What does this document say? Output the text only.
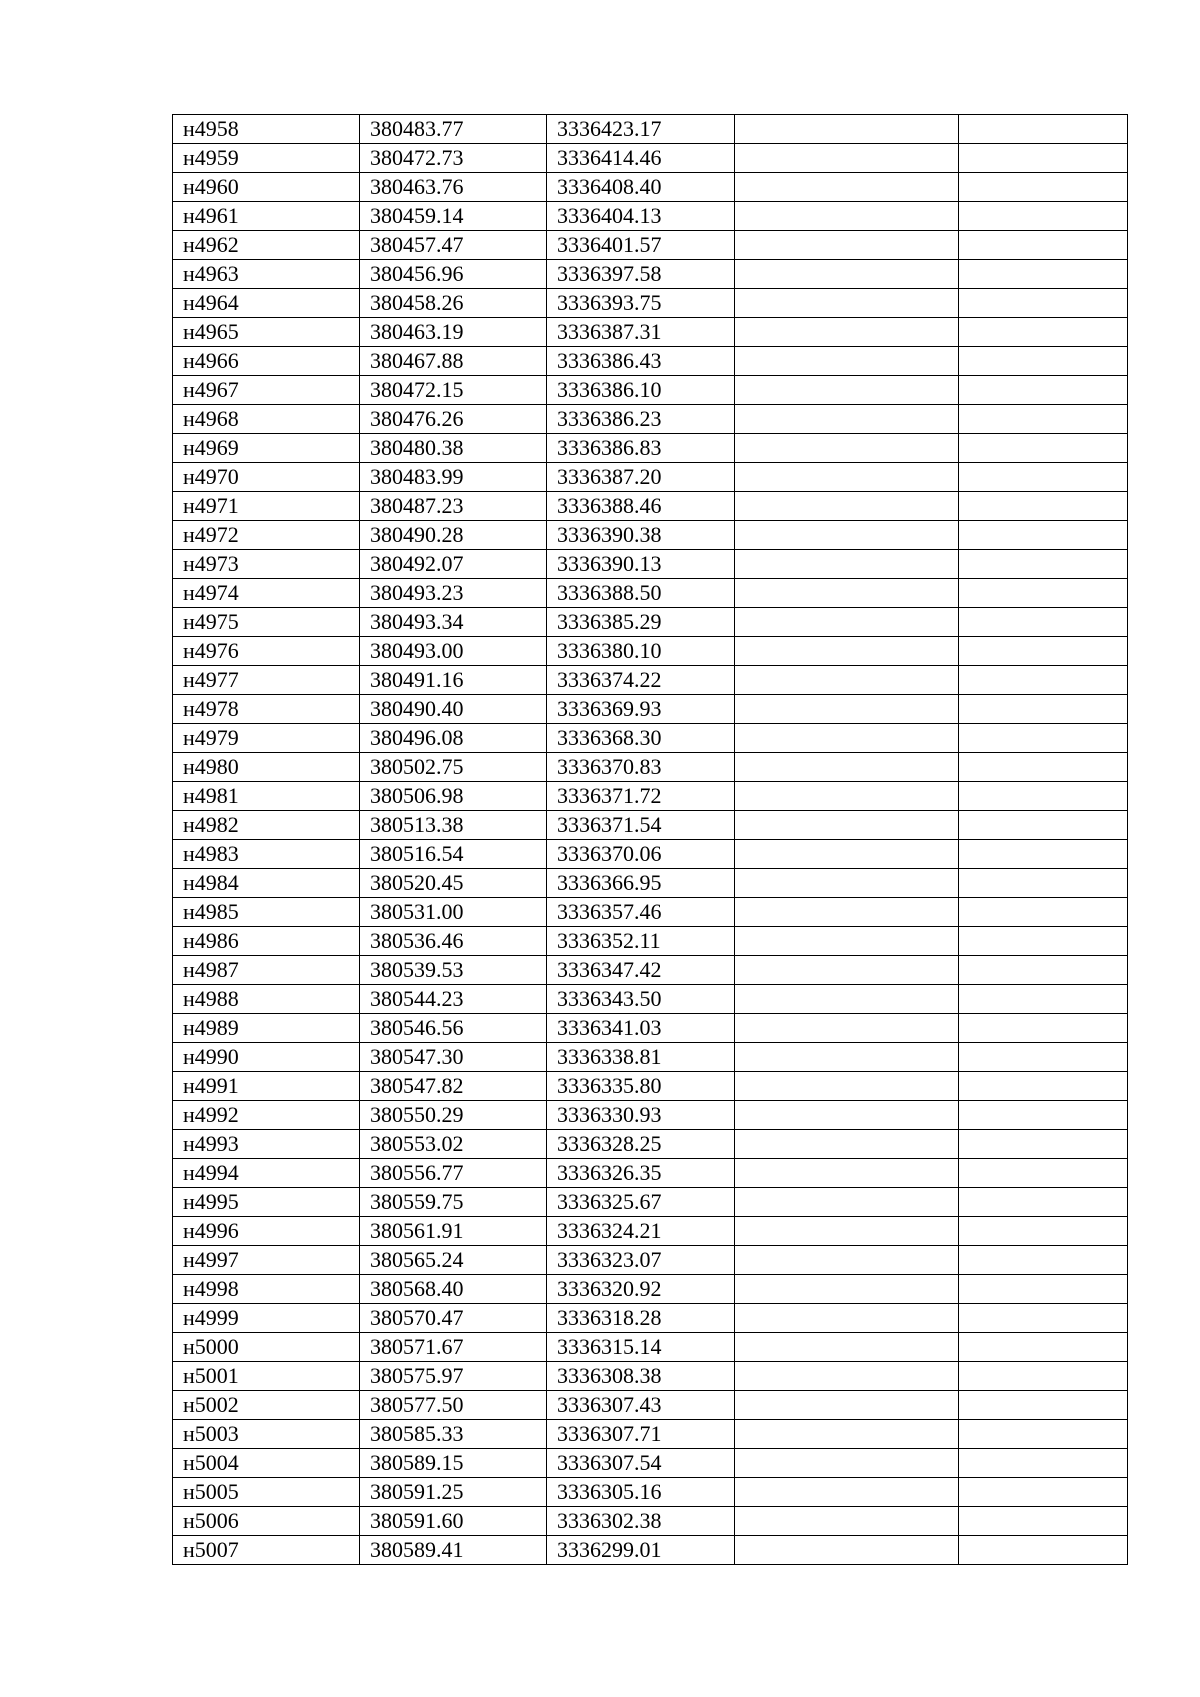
н4958	380483.77	3336423.17		
н4959	380472.73	3336414.46		
н4960	380463.76	3336408.40		
н4961	380459.14	3336404.13		
н4962	380457.47	3336401.57		
н4963	380456.96	3336397.58		
н4964	380458.26	3336393.75		
н4965	380463.19	3336387.31		
н4966	380467.88	3336386.43		
н4967	380472.15	3336386.10		
н4968	380476.26	3336386.23		
н4969	380480.38	3336386.83		
н4970	380483.99	3336387.20		
н4971	380487.23	3336388.46		
н4972	380490.28	3336390.38		
н4973	380492.07	3336390.13		
н4974	380493.23	3336388.50		
н4975	380493.34	3336385.29		
н4976	380493.00	3336380.10		
н4977	380491.16	3336374.22		
н4978	380490.40	3336369.93		
н4979	380496.08	3336368.30		
н4980	380502.75	3336370.83		
н4981	380506.98	3336371.72		
н4982	380513.38	3336371.54		
н4983	380516.54	3336370.06		
н4984	380520.45	3336366.95		
н4985	380531.00	3336357.46		
н4986	380536.46	3336352.11		
н4987	380539.53	3336347.42		
н4988	380544.23	3336343.50		
н4989	380546.56	3336341.03		
н4990	380547.30	3336338.81		
н4991	380547.82	3336335.80		
н4992	380550.29	3336330.93		
н4993	380553.02	3336328.25		
н4994	380556.77	3336326.35		
н4995	380559.75	3336325.67		
н4996	380561.91	3336324.21		
н4997	380565.24	3336323.07		
н4998	380568.40	3336320.92		
н4999	380570.47	3336318.28		
н5000	380571.67	3336315.14		
н5001	380575.97	3336308.38		
н5002	380577.50	3336307.43		
н5003	380585.33	3336307.71		
н5004	380589.15	3336307.54		
н5005	380591.25	3336305.16		
н5006	380591.60	3336302.38		
н5007	380589.41	3336299.01		
